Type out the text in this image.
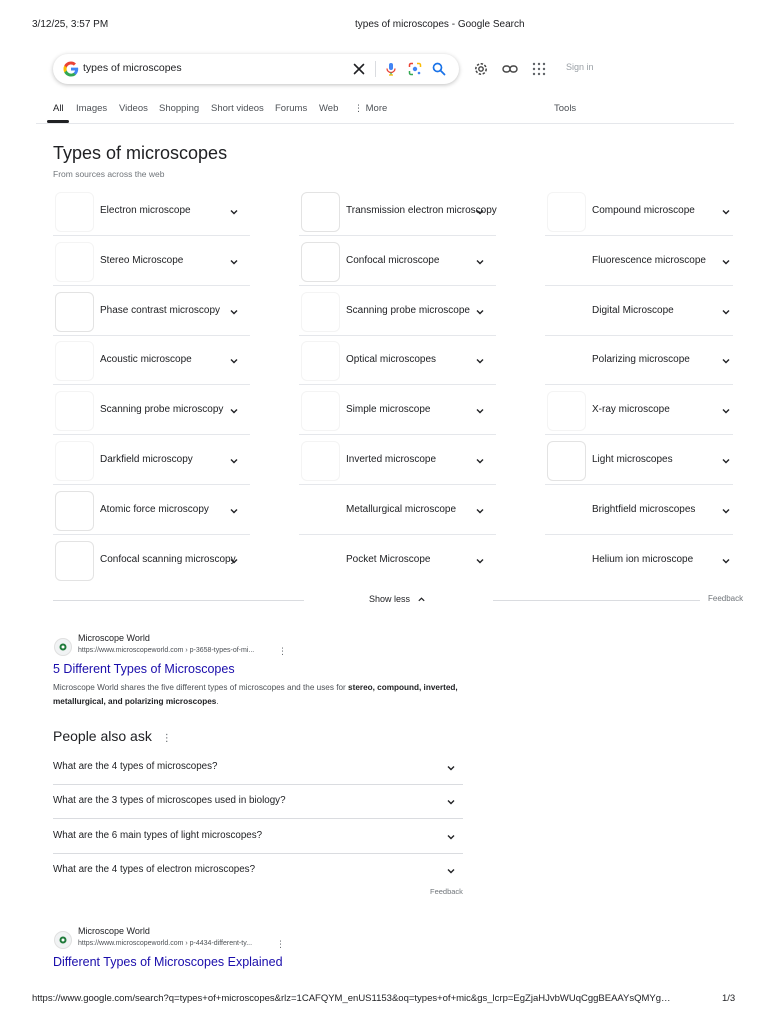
3/12/25, 3:57 PM	types of microscopes - Google Search
types of microscopes	Sign in
All Images Videos Shopping Short videos Forums Web ⋮ More	Tools
Types of microscopes
From sources across the web
Electron microscope
Stereo Microscope
Phase contrast microscopy
Acoustic microscope
Scanning probe microscopy
Darkfield microscopy
Atomic force microscopy
Confocal scanning microscopy
Transmission electron microscopy
Confocal microscope
Scanning probe microscope
Optical microscopes
Simple microscope
Inverted microscope
Metallurgical microscope
Pocket Microscope
Compound microscope
Fluorescence microscope
Digital Microscope
Polarizing microscope
X-ray microscope
Light microscopes
Brightfield microscopes
Helium ion microscope
Show less	Feedback
Microscope World
https://www.microscopeworld.com › p-3658-types-of-mi...	⋮
5 Different Types of Microscopes
Microscope World shares the five different types of microscopes and the uses for stereo, compound, inverted, metallurgical, and polarizing microscopes.
People also ask ⋮
What are the 4 types of microscopes?
What are the 3 types of microscopes used in biology?
What are the 6 main types of light microscopes?
What are the 4 types of electron microscopes?
Feedback
Microscope World
https://www.microscopeworld.com › p-4434-different-ty...	⋮
Different Types of Microscopes Explained
https://www.google.com/search?q=types+of+microscopes&rlz=1CAFQYM_enUS1153&oq=types+of+mic&gs_lcrp=EgZjaHJvbWUqCggBEAAYsQMYg…	1/3
